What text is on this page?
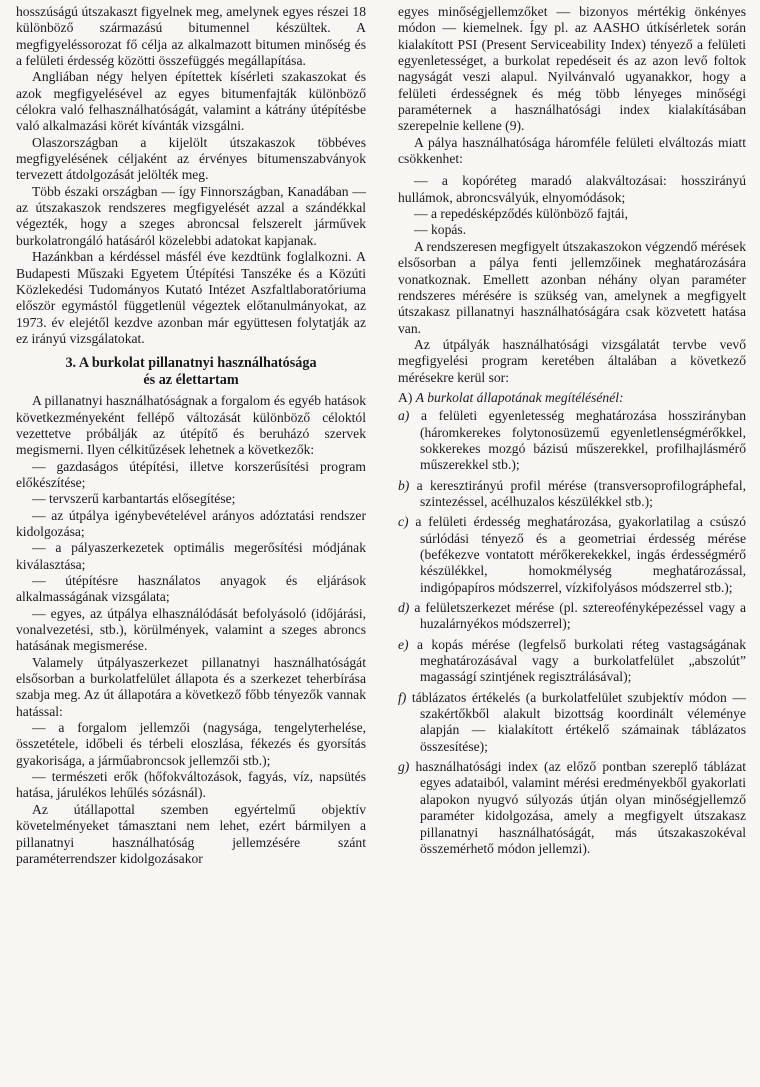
hosszúságú útszakaszt figyelnek meg, amelynek egyes részei 18 különböző származású bitumennel készültek. A megfigyeléssorozat fő célja az alkalmazott bitumen minőség és a felületi érdesség közötti összefüggés megállapítása.

Angliában négy helyen építettek kísérleti szakaszokat és azok megfigyelésével az egyes bitumenfajták különböző célokra való felhasználhatóságát, valamint a kátrány útépítésbe való alkalmazási körét kívánták vizsgálni.

Olaszországban a kijelölt útszakaszok többéves megfigyelésének céljaként az érvényes bitumenszabványok tervezett átdolgozását jelölték meg.

Több északi országban — így Finnországban, Kanadában — az útszakaszok rendszeres megfigyelését azzal a szándékkal végezték, hogy a szeges abroncsal felszerelt járművek burkolatrongáló hatásáról közelebbi adatokat kapjanak.

Hazánkban a kérdéssel másfél éve kezdtünk foglalkozni. A Budapesti Műszaki Egyetem Útépítési Tanszéke és a Közúti Közlekedési Tudományos Kutató Intézet Aszfaltlaboratóriuma először egymástól függetlenül végeztek előtanulmányokat, az 1973. év elejétől kezdve azonban már együttesen folytatják az ez irányú vizsgálatokat.

3. A burkolat pillanatnyi használhatósága
és az élettartam

A pillanatnyi használhatóságnak a forgalom és egyéb hatások következményeként fellépő változását különböző céloktól vezettetve próbálják az útépítő és beruházó szervek megismerni. Ilyen célkitűzések lehetnek a következők:

— gazdaságos útépítési, illetve korszerűsítési program előkészítése;

— tervszerű karbantartás elősegítése;

— az útpálya igénybevételével arányos adóztatási rendszer kidolgozása;

— a pályaszerkezetek optimális megerősítési módjának kiválasztása;

— útépítésre használatos anyagok és eljárások alkalmasságának vizsgálata;

— egyes, az útpálya elhasználódását befolyásoló (időjárási, vonalvezetési, stb.), körülmények, valamint a szeges abroncs hatásának megismerése.

Valamely útpályaszerkezet pillanatnyi használhatóságát elsősorban a burkolatfelület állapota és a szerkezet teherbírása szabja meg. Az út állapotára a következő főbb tényezők vannak hatással:

— a forgalom jellemzői (nagysága, tengelyterhelése, összetétele, időbeli és térbeli eloszlása, fékezés és gyorsítás gyakorisága, a járműabroncsok jellemzői stb.);

— természeti erők (hőfokváltozások, fagyás, víz, napsütés hatása, járulékos lehűlés sózásnál).

Az útállapottal szemben egyértelmű objektív követelményeket támasztani nem lehet, ezért bármilyen a pillanatnyi használhatóság jellemzésére szánt paraméterrendszer kidolgozásakor

egyes minőségjellemzőket — bizonyos mértékig önkényes módon — kiemelnek. Így pl. az AASHO útkísérletek során kialakított PSI (Present Serviceability Index) tényező a felületi egyenletességet, a burkolat repedéseit és az azon levő foltok nagyságát veszi alapul. Nyilvánvaló ugyanakkor, hogy a felületi érdességnek és még több lényeges minőségi paraméternek a használhatósági index kialakításában szerepelnie kellene (9).

A pálya használhatósága háromféle felületi elváltozás miatt csökkenhet:

— a kopóréteg maradó alakváltozásai: hosszirányú hullámok, abroncsvályúk, elnyomódások;

— a repedésképződés különböző fajtái,

— kopás.

A rendszeresen megfigyelt útszakaszokon végzendő mérések elsősorban a pálya fenti jellemzőinek meghatározására vonatkoznak. Emellett azonban néhány olyan paraméter rendszeres mérésére is szükség van, amelynek a megfigyelt útszakasz pillanatnyi használhatóságára csak közvetett hatása van.

Az útpályák használhatósági vizsgálatát tervbe vevő megfigyelési program keretében általában a következő mérésekre kerül sor:

A) A burkolat állapotának megítélésénél:

a) a felületi egyenletesség meghatározása hosszirányban (háromkerekes folytonosüzemű egyenletlenségmérőkkel, sokkerekes mozgó bázisú műszerekkel, profilhajlásmérő műszerekkel stb.);

b) a keresztirányú profil mérése (transversoprofilográphefal, szintezéssel, acélhuzalos készülékkel stb.);

c) a felületi érdesség meghatározása, gyakorlatilag a csúszó súrlódási tényező és a geometriai érdesség mérése (befékezve vontatott mérőkerekekkel, ingás érdességmérő készülékkel, homokmélység meghatározással, indigópapíros módszerrel, vízkifolyásos módszerrel stb.);

d) a felületszerkezet mérése (pl. sztereofényképezéssel vagy a huzalárnyékos módszerrel);

e) a kopás mérése (legfelső burkolati réteg vastagságának meghatározásával vagy a burkolatfelület „abszolút” magasságí szintjének regisztrálásával);

f) táblázatos értékelés (a burkolatfelület szubjektív módon — szakértőkből alakult bizottság koordinált véleménye alapján — kialakított értékelő számainak táblázatos összesítése);

g) használhatósági index (az előző pontban szereplő táblázat egyes adataiból, valamint mérési eredményekből gyakorlati alapokon nyugvó súlyozás útján olyan minőségjellemző paraméter kidolgozása, amely a megfigyelt útszakasz pillanatnyi használhatóságát, más útszakaszokéval összemérhető módon jellemzi).
